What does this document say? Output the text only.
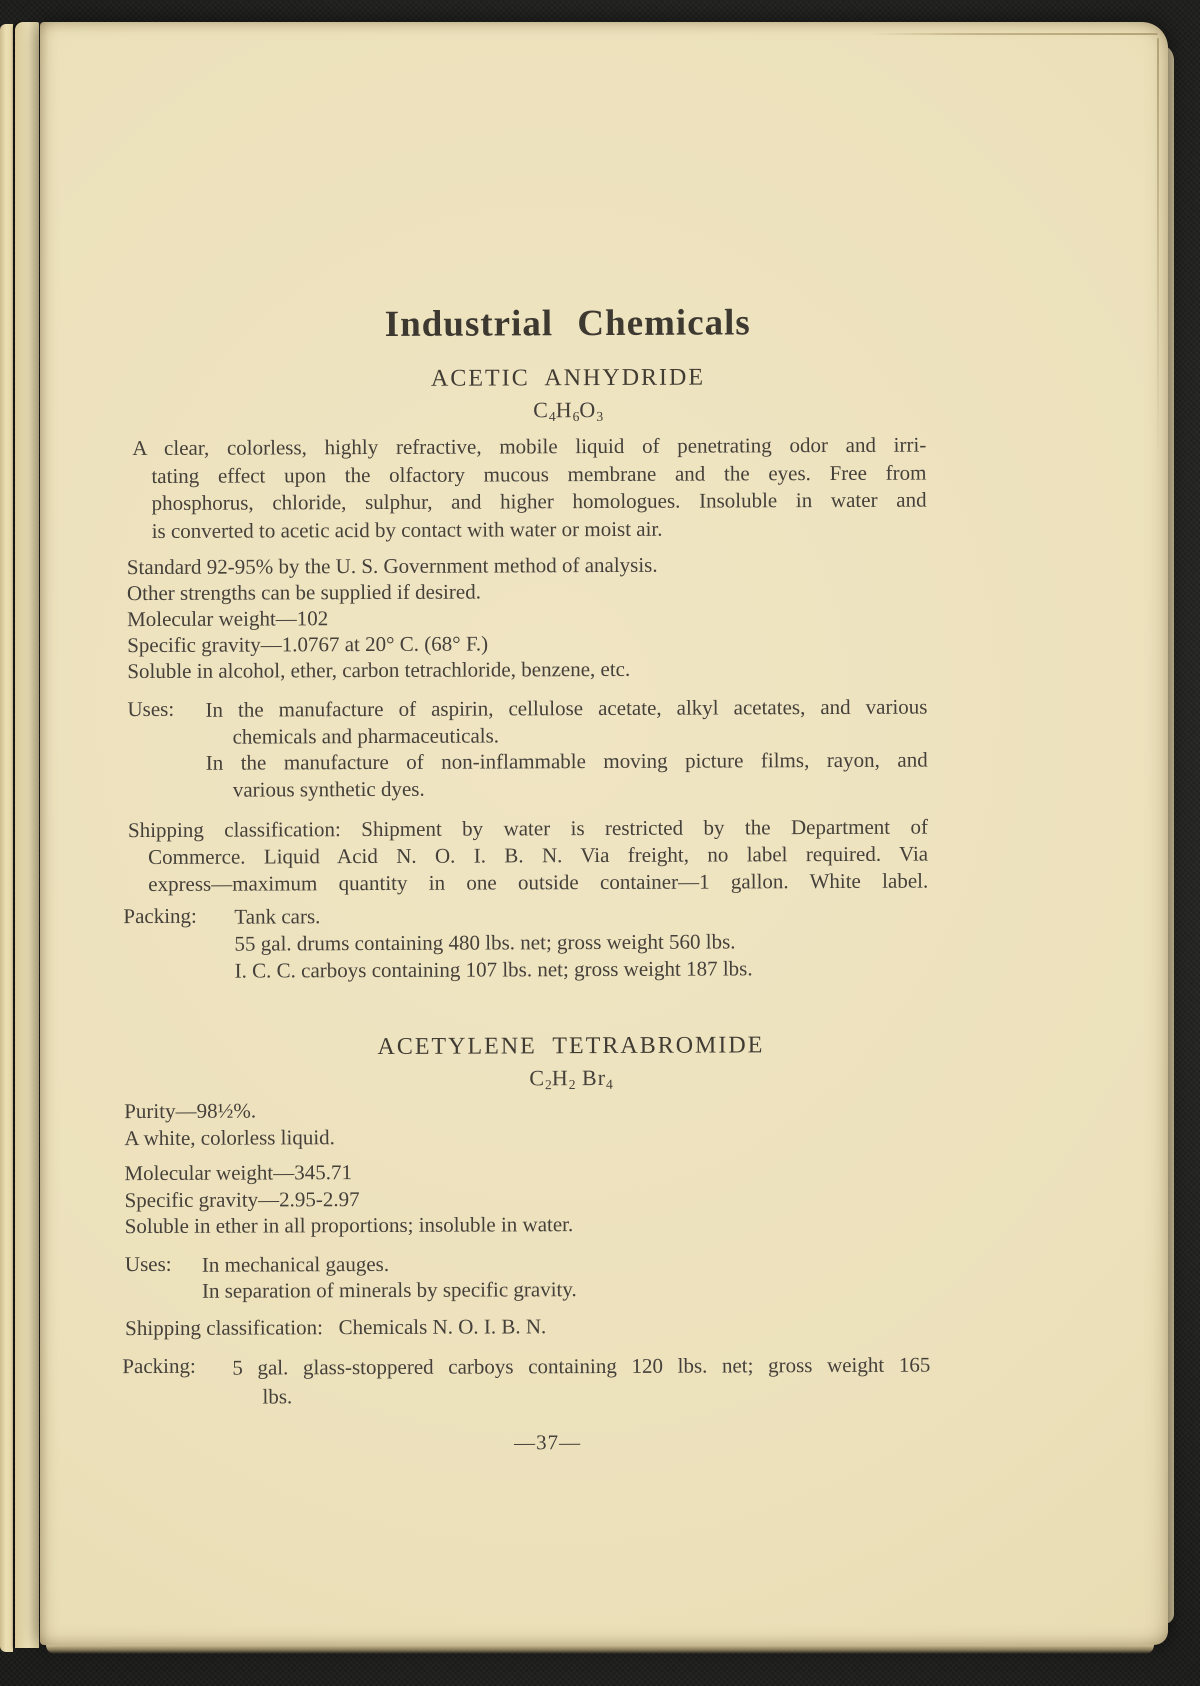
Industrial Chemicals
ACETIC ANHYDRIDE
$C_4H_6O_3$
A clear, colorless, highly refractive, mobile liquid of penetrating odor and irri-
tating effect upon the olfactory mucous membrane and the eyes. Free from
phosphorus, chloride, sulphur, and higher homologues. Insoluble in water and
is converted to acetic acid by contact with water or moist air.
Standard 92-95% by the U. S. Government method of analysis.
Other strengths can be supplied if desired.
Molecular weight—102
Specific gravity—1.0767 at 20° C. (68° F.)
Soluble in alcohol, ether, carbon tetrachloride, benzene, etc.
Uses:	In the manufacture of aspirin, cellulose acetate, alkyl acetates, and various
chemicals and pharmaceuticals.
In the manufacture of non-inflammable moving picture films, rayon, and
various synthetic dyes.
Shipping classification: Shipment by water is restricted by the Department of
Commerce. Liquid Acid N. O. I. B. N. Via freight, no label required. Via
express—maximum quantity in one outside container—1 gallon. White label.
Packing:	Tank cars.
55 gal. drums containing 480 lbs. net; gross weight 560 lbs.
I. C. C. carboys containing 107 lbs. net; gross weight 187 lbs.
ACETYLENE TETRABROMIDE
$C_2H_2$ $Br_4$
Purity—98½%.
A white, colorless liquid.
Molecular weight—345.71
Specific gravity—2.95-2.97
Soluble in ether in all proportions; insoluble in water.
Uses:	In mechanical gauges.
In separation of minerals by specific gravity.
Shipping classification:   Chemicals N. O. I. B. N.
Packing:	5 gal. glass-stoppered carboys containing 120 lbs. net; gross weight 165
lbs.
—37—
